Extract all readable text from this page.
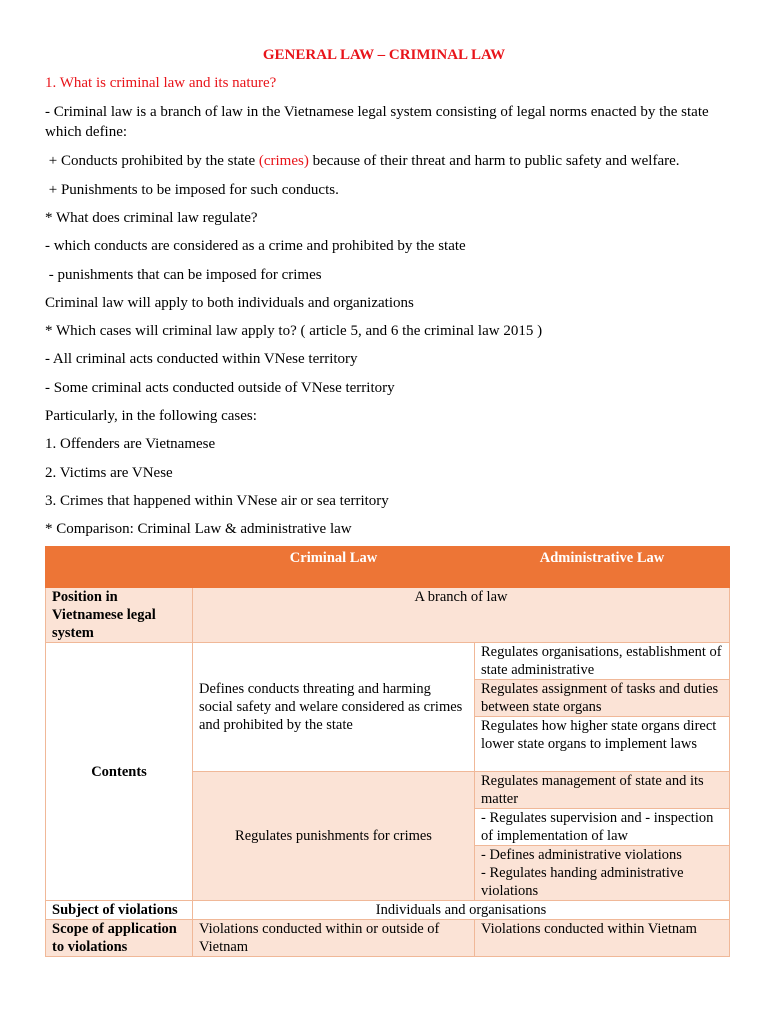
GENERAL LAW – CRIMINAL LAW
1. What is criminal law and its nature?
- Criminal law is a branch of law in the Vietnamese legal system consisting of legal norms enacted by the state which define:
+ Conducts prohibited by the state (crimes) because of their threat and harm to public safety and welfare.
+ Punishments to be imposed for such conducts.
* What does criminal law regulate?
- which conducts are considered as a crime and prohibited by the state
- punishments that can be imposed for crimes
Criminal law will apply to both individuals and organizations
* Which cases will criminal law apply to? ( article 5, and 6 the criminal law 2015 )
- All criminal acts conducted within VNese territory
- Some criminal acts conducted outside of VNese territory
Particularly, in the following cases:
1. Offenders are Vietnamese
2. Victims are VNese
3. Crimes that happened within VNese air or sea territory
* Comparison: Criminal Law & administrative law
	Criminal Law	Administrative Law
Position in Vietnamese legal system	A branch of law	
Contents	Defines conducts threating and harming social safety and welare considered as crimes and prohibited by the state	Regulates organisations, establishment of state administrative
		Regulates assignment of tasks and duties between state organs
		Regulates how higher state organs direct lower state organs to implement laws
	Regulates punishments for crimes	Regulates management of state and its matter
		- Regulates supervision and - inspection of implementation of law
		- Defines administrative violations
- Regulates handing administrative violations
Subject of violations	Individuals and organisations	
Scope of application to violations	Violations conducted within or outside of Vietnam	Violations conducted within Vietnam
